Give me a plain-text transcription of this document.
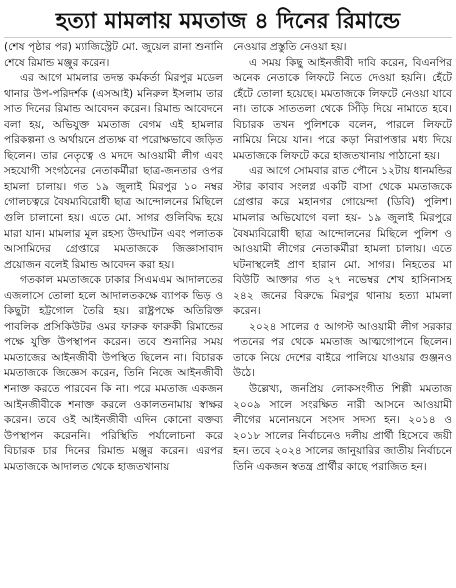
হত্যা মামলায় মমতাজ ৪ দিনের রিমান্ডে

(শেষ পৃষ্ঠার পর) ম্যাজিস্ট্রেট মো. জুয়েল রানা শুনানি শেষে রিমান্ড মঞ্জুর করেন।

এর আগে মামলার তদন্ত কর্মকর্তা মিরপুর মডেল থানার উপ-পরিদর্শক (এসআই) মনিরুল ইসলাম তার সাত দিনের রিমান্ড আবেদন করেন। রিমান্ড আবেদনে বলা হয়, অভিযুক্ত মমতাজ বেগম এই হামলার পরিকল্পনা ও অর্থায়নে প্রত্যক্ষ বা পরোক্ষভাবে জড়িত ছিলেন। তার নেতৃত্বে ও মদদে আওয়ামী লীগ এবং সহযোগী সংগঠনের নেতাকর্মীরা ছাত্র-জনতার ওপর হামলা চালায়। গত ১৯ জুলাই মিরপুর ১০ নম্বর গোলচত্বরে বৈষম্যবিরোধী ছাত্র আন্দোলনের মিছিলে গুলি চালানো হয়। এতে মো. সাগর গুলিবিদ্ধ হয়ে মারা যান। মামলার মূল রহস্য উদঘাটন এবং পলাতক আসামিদের গ্রেপ্তারে মমতাজকে জিজ্ঞাসাবাদ প্রয়োজন বলেই রিমান্ড আবেদন করা হয়।

গতকাল মমতাজকে ঢাকার সিএমএম আদালতের এজলাসে তোলা হলে আদালতকক্ষে ব্যাপক ভিড় ও কিছুটা হট্টগোল তৈরি হয়। রাষ্ট্রপক্ষে অতিরিক্ত পাবলিক প্রসিকিউটর ওমর ফারুক ফারুকী রিমান্ডের পক্ষে যুক্তি উপস্থাপন করেন। তবে শুনানির সময় মমতাজের আইনজীবী উপস্থিত ছিলেন না। বিচারক মমতাজকে জিজ্ঞেস করেন, তিনি নিজে আইনজীবী শনাক্ত করতে পারবেন কি না। পরে মমতাজ একজন আইনজীবীকে শনাক্ত করলে ওকালতনামায় স্বাক্ষর করেন। তবে ওই আইনজীবী এদিন কোনো বক্তব্য উপস্থাপন করেননি। পরিস্থিতি পর্যালোচনা করে বিচারক চার দিনের রিমান্ড মঞ্জুর করেন। এরপর মমতাজকে আদালত থেকে হাজতখানায়

নেওয়ার প্রস্তুতি নেওয়া হয়।

এ সময় কিছু আইনজীবী দাবি করেন, বিএনপির অনেক নেতাকে লিফটে নিতে দেওয়া হয়নি। হেঁটে হেঁটে তোলা হয়েছে। মমতাজকে লিফটে নেওয়া যাবে না। তাকে সাততলা থেকে সিঁড়ি দিয়ে নামাতে হবে। বিচারক তখন পুলিশকে বলেন, পারলে লিফটে নামিয়ে নিয়ে যান। পরে কড়া নিরাপত্তার মধ্য দিয়ে মমতাজকে লিফটে করে হাজতখানায় পাঠানো হয়।

এর আগে সোমবার রাত পৌনে ১২টায় ধানমন্ডির স্টার কাবাব সংলগ্ন একটি বাসা থেকে মমতাজকে গ্রেপ্তার করে মহানগর গোয়েন্দা (ডিবি) পুলিশ। মামলার অভিযোগে বলা হয়- ১৯ জুলাই মিরপুরে বৈষম্যবিরোধী ছাত্র আন্দোলনের মিছিলে পুলিশ ও আওয়ামী লীগের নেতাকর্মীরা হামলা চালায়। এতে ঘটনাস্থলেই প্রাণ হারান মো. সাগর। নিহতের মা বিউটি আক্তার গত ২৭ নভেম্বর শেখ হাসিনাসহ ২৪২ জনের বিরুদ্ধে মিরপুর থানায় হত্যা মামলা করেন।

২০২৪ সালের ৫ আগস্ট আওয়ামী লীগ সরকার পতনের পর থেকে মমতাজ আত্মগোপনে ছিলেন। তাকে নিয়ে দেশের বাইরে পালিয়ে যাওয়ার গুঞ্জনও উঠে।

উল্লেখ্য, জনপ্রিয় লোকসংগীত শিল্পী মমতাজ ২০০৯ সালে সংরক্ষিত নারী আসনে আওয়ামী লীগের মনোনয়নে সংসদ সদস্য হন। ২০১৪ ও ২০১৮ সালের নির্বাচনেও দলীয় প্রার্থী হিসেবে জয়ী হন। তবে ২০২৪ সালের জানুয়ারির জাতীয় নির্বাচনে তিনি একজন স্বতন্ত্র প্রার্থীর কাছে পরাজিত হন।
